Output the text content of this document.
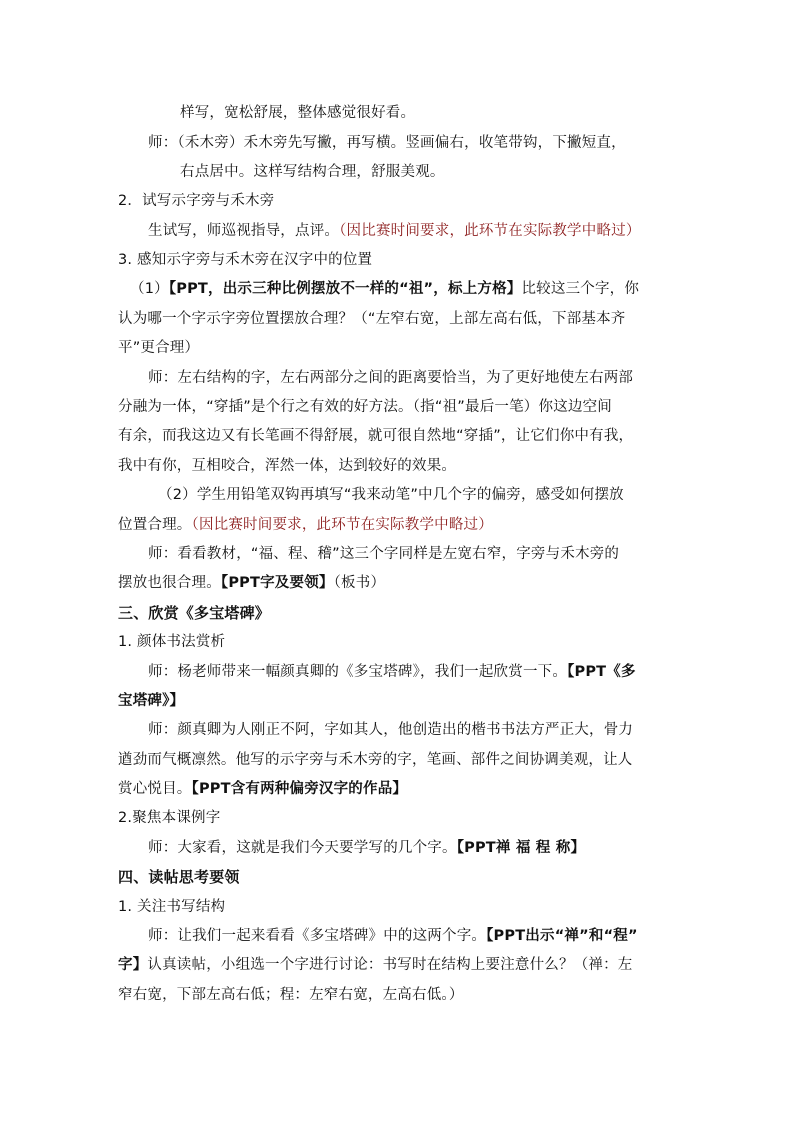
样写，宽松舒展，整体感觉很好看。
师：（禾木旁）禾木旁先写撇，再写横。竖画偏右，收笔带钩，下撇短直，
右点居中。这样写结构合理，舒服美观。
2．试写示字旁与禾木旁
生试写，师巡视指导，点评。（因比赛时间要求，此环节在实际教学中略过）
3. 感知示字旁与禾木旁在汉字中的位置
（1）【PPT，出示三种比例摆放不一样的“祖”，标上方格】比较这三个字，你
认为哪一个字示字旁位置摆放合理？（“左窄右宽，上部左高右低，下部基本齐
平”更合理）
师：左右结构的字，左右两部分之间的距离要恰当，为了更好地使左右两部
分融为一体，“穿插”是个行之有效的好方法。（指“祖”最后一笔）你这边空间
有余，而我这边又有长笔画不得舒展，就可很自然地“穿插”，让它们你中有我，
我中有你，互相咬合，浑然一体，达到较好的效果。
（2）学生用铅笔双钩再填写“我来动笔”中几个字的偏旁，感受如何摆放
位置合理。（因比赛时间要求，此环节在实际教学中略过）
师：看看教材，“福、程、稽”这三个字同样是左宽右窄，字旁与禾木旁的
摆放也很合理。【PPT字及要领】（板书）
三、欣赏《多宝塔碑》
1. 颜体书法赏析
师：杨老师带来一幅颜真卿的《多宝塔碑》，我们一起欣赏一下。【PPT《多
宝塔碑》】
师：颜真卿为人刚正不阿，字如其人，他创造出的楷书书法方严正大，骨力
遒劲而气概凛然。他写的示字旁与禾木旁的字，笔画、部件之间协调美观，让人
赏心悦目。【PPT含有两种偏旁汉字的作品】
2.聚焦本课例字
师：大家看，这就是我们今天要学写的几个字。【PPT禅 福 程 称】
四、读帖思考要领
1. 关注书写结构
师：让我们一起来看看《多宝塔碑》中的这两个字。【PPT出示“禅”和“程”
字】认真读帖，小组选一个字进行讨论：书写时在结构上要注意什么？（禅：左
窄右宽，下部左高右低；程：左窄右宽，左高右低。）
